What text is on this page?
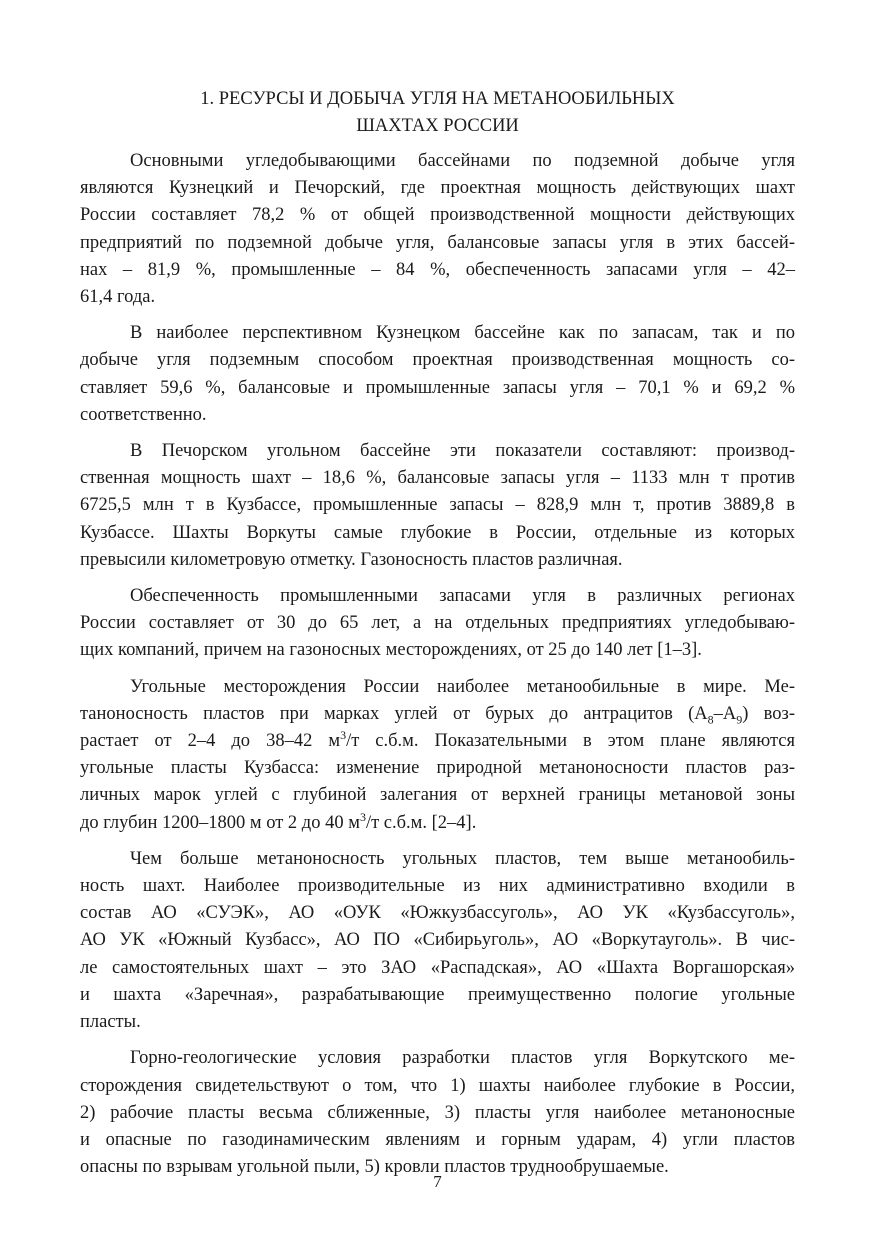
1. РЕСУРСЫ И ДОБЫЧА УГЛЯ НА МЕТАНООБИЛЬНЫХ
ШАХТАХ РОССИИ

Основными угледобывающими бассейнами по подземной добыче угля
являются Кузнецкий и Печорский, где проектная мощность действующих шахт
России составляет 78,2 % от общей производственной мощности действующих
предприятий по подземной добыче угля, балансовые запасы угля в этих бассей-
нах – 81,9 %, промышленные – 84 %, обеспеченность запасами угля – 42–
61,4 года.

В наиболее перспективном Кузнецком бассейне как по запасам, так и по
добыче угля подземным способом проектная производственная мощность со-
ставляет 59,6 %, балансовые и промышленные запасы угля – 70,1 % и 69,2 %
соответственно.

В Печорском угольном бассейне эти показатели составляют: производ-
ственная мощность шахт – 18,6 %, балансовые запасы угля – 1133 млн т против
6725,5 млн т в Кузбассе, промышленные запасы – 828,9 млн т, против 3889,8 в
Кузбассе. Шахты Воркуты самые глубокие в России, отдельные из которых
превысили километровую отметку. Газоносность пластов различная.

Обеспеченность промышленными запасами угля в различных регионах
России составляет от 30 до 65 лет, а на отдельных предприятиях угледобываю-
щих компаний, причем на газоносных месторождениях, от 25 до 140 лет [1–3].

Угольные месторождения России наиболее метанообильные в мире. Ме-
таноносность пластов при марках углей от бурых до антрацитов $(A_8-A_9)$ воз-
растает от 2–4 до 38–42 $м^3/т$ с.б.м. Показательными в этом плане являются
угольные пласты Кузбасса: изменение природной метаноносности пластов раз-
личных марок углей с глубиной залегания от верхней границы метановой зоны
до глубин 1200–1800 м от 2 до 40 $м^3/т$ с.б.м. [2–4].

Чем больше метаноносность угольных пластов, тем выше метанообиль-
ность шахт. Наиболее производительные из них административно входили в
состав АО «СУЭК», АО «ОУК «Южкузбассуголь», АО УК «Кузбассуголь»,
АО УК «Южный Кузбасс», АО ПО «Сибирьуголь», АО «Воркутауголь». В чис-
ле самостоятельных шахт – это ЗАО «Распадская», АО «Шахта Воргашорская»
и шахта «Заречная», разрабатывающие преимущественно пологие угольные
пласты.

Горно-геологические условия разработки пластов угля Воркутского ме-
сторождения свидетельствуют о том, что 1) шахты наиболее глубокие в России,
2) рабочие пласты весьма сближенные, 3) пласты угля наиболее метаноносные
и опасные по газодинамическим явлениям и горным ударам, 4) угли пластов
опасны по взрывам угольной пыли, 5) кровли пластов труднообрушаемые.

7
